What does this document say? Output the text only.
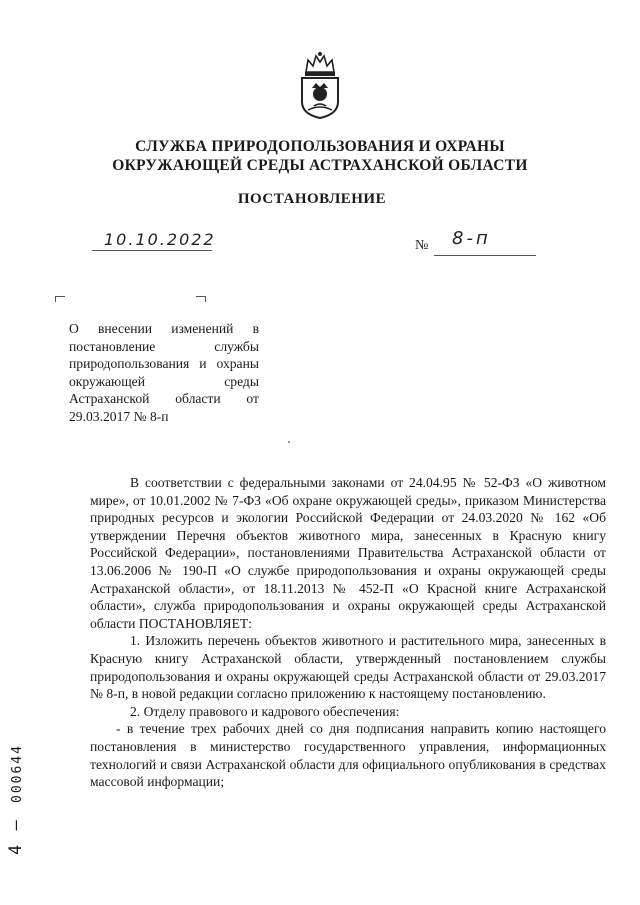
СЛУЖБА ПРИРОДОПОЛЬЗОВАНИЯ И ОХРАНЫ
ОКРУЖАЮЩЕЙ СРЕДЫ АСТРАХАНСКОЙ ОБЛАСТИ
ПОСТАНОВЛЕНИЕ
10.10.2022	№ 8-п

О внесении изменений в постановление службы природопользования и охраны окружающей среды Астраханской области от 29.03.2017 № 8-п

В соответствии с федеральными законами от 24.04.95 № 52-ФЗ «О животном мире», от 10.01.2002 № 7-ФЗ «Об охране окружающей среды», приказом Министерства природных ресурсов и экологии Российской Федерации от 24.03.2020 № 162 «Об утверждении Перечня объектов животного мира, занесенных в Красную книгу Российской Федерации», постановлениями Правительства Астраханской области от 13.06.2006 № 190-П «О службе природопользования и охраны окружающей среды Астраханской области», от 18.11.2013 № 452-П «О Красной книге Астраханской области», служба природопользования и охраны окружающей среды Астраханской области ПОСТАНОВЛЯЕТ:

1. Изложить перечень объектов животного и растительного мира, занесенных в Красную книгу Астраханской области, утвержденный постановлением службы природопользования и охраны окружающей среды Астраханской области от 29.03.2017 № 8-п, в новой редакции согласно приложению к настоящему постановлению.

2. Отделу правового и кадрового обеспечения:

- в течение трех рабочих дней со дня подписания направить копию настоящего постановления в министерство государственного управления, информационных технологий и связи Астраханской области для официального опубликования в средствах массовой информации;

4 —
000644
